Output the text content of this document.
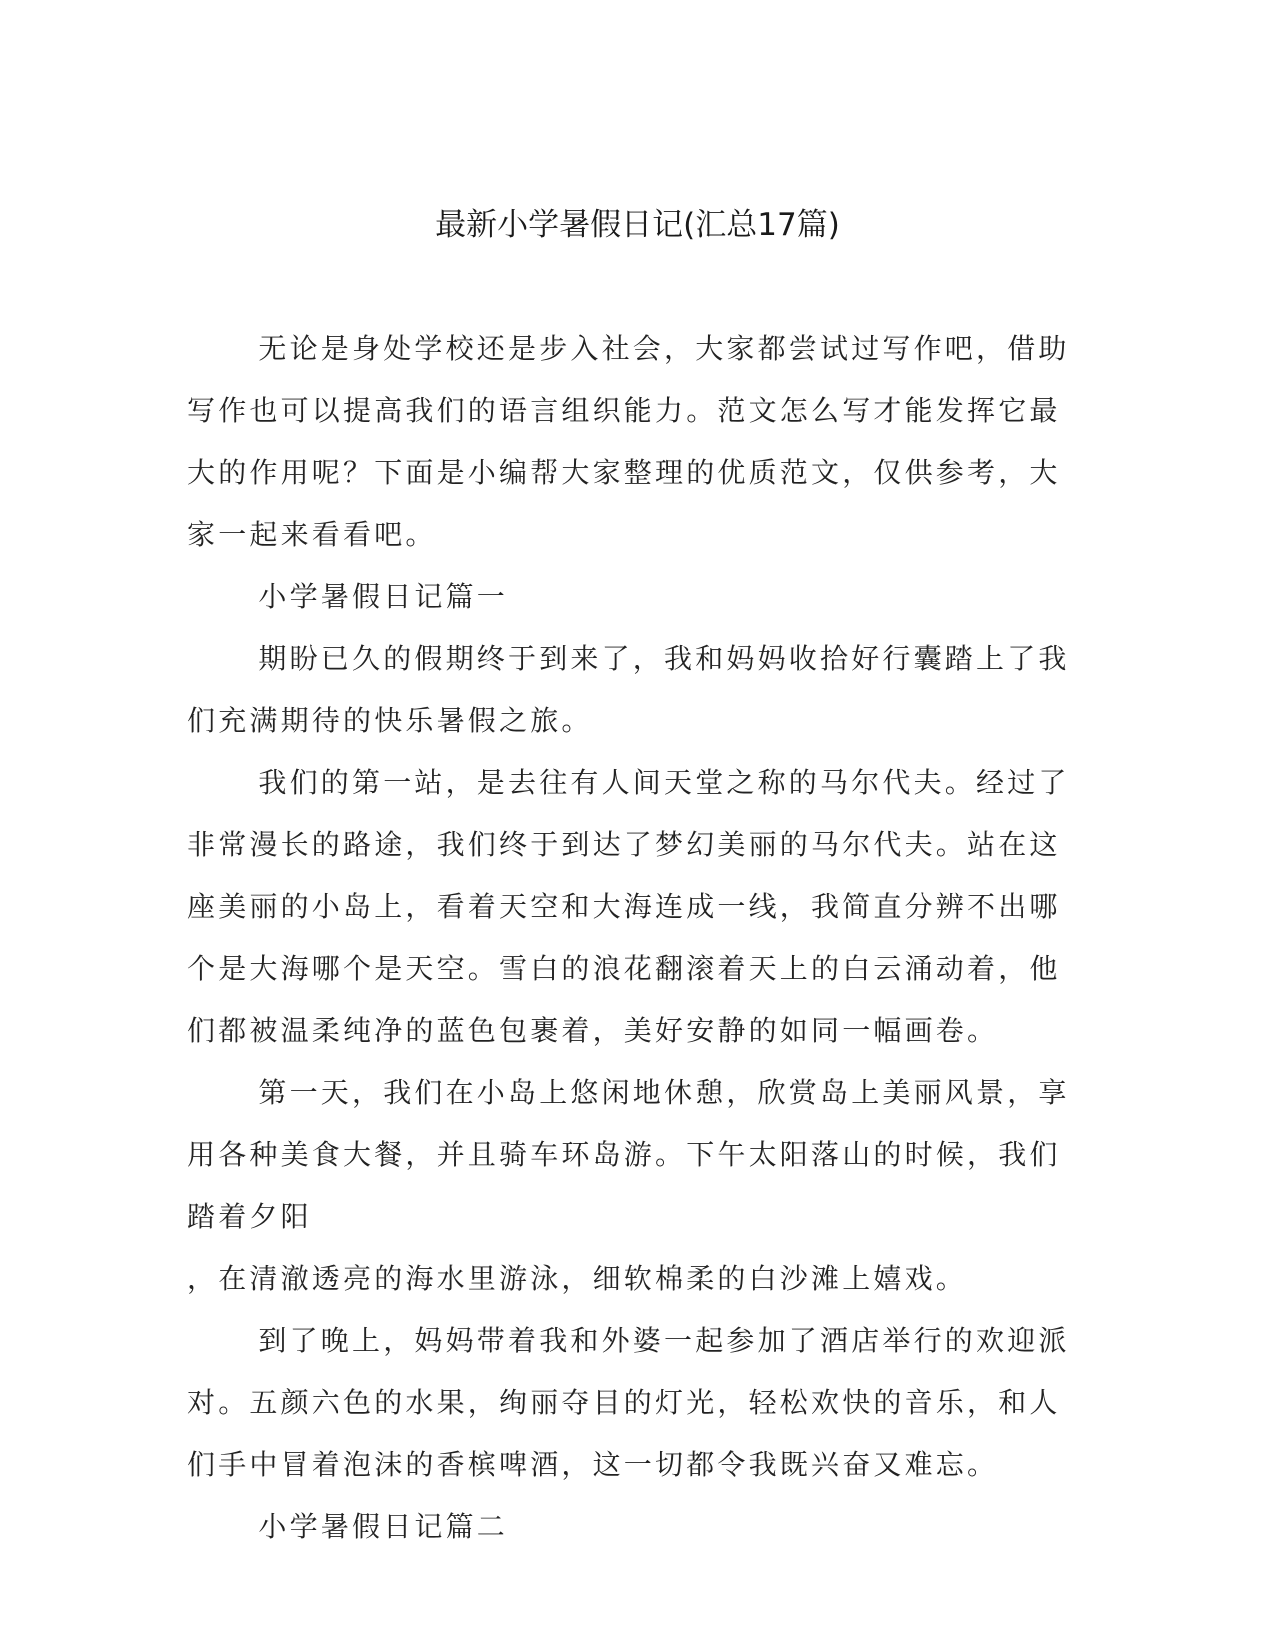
最新小学暑假日记(汇总17篇)

无论是身处学校还是步入社会，大家都尝试过写作吧，借助写作也可以提高我们的语言组织能力。范文怎么写才能发挥它最大的作用呢？下面是小编帮大家整理的优质范文，仅供参考，大家一起来看看吧。

小学暑假日记篇一

期盼已久的假期终于到来了，我和妈妈收拾好行囊踏上了我们充满期待的快乐暑假之旅。

我们的第一站，是去往有人间天堂之称的马尔代夫。经过了非常漫长的路途，我们终于到达了梦幻美丽的马尔代夫。站在这座美丽的小岛上，看着天空和大海连成一线，我简直分辨不出哪个是大海哪个是天空。雪白的浪花翻滚着天上的白云涌动着，他们都被温柔纯净的蓝色包裹着，美好安静的如同一幅画卷。

第一天，我们在小岛上悠闲地休憩，欣赏岛上美丽风景，享用各种美食大餐，并且骑车环岛游。下午太阳落山的时候，我们踏着夕阳

，在清澈透亮的海水里游泳，细软棉柔的白沙滩上嬉戏。

到了晚上，妈妈带着我和外婆一起参加了酒店举行的欢迎派对。五颜六色的水果，绚丽夺目的灯光，轻松欢快的音乐，和人们手中冒着泡沫的香槟啤酒，这一切都令我既兴奋又难忘。

小学暑假日记篇二
